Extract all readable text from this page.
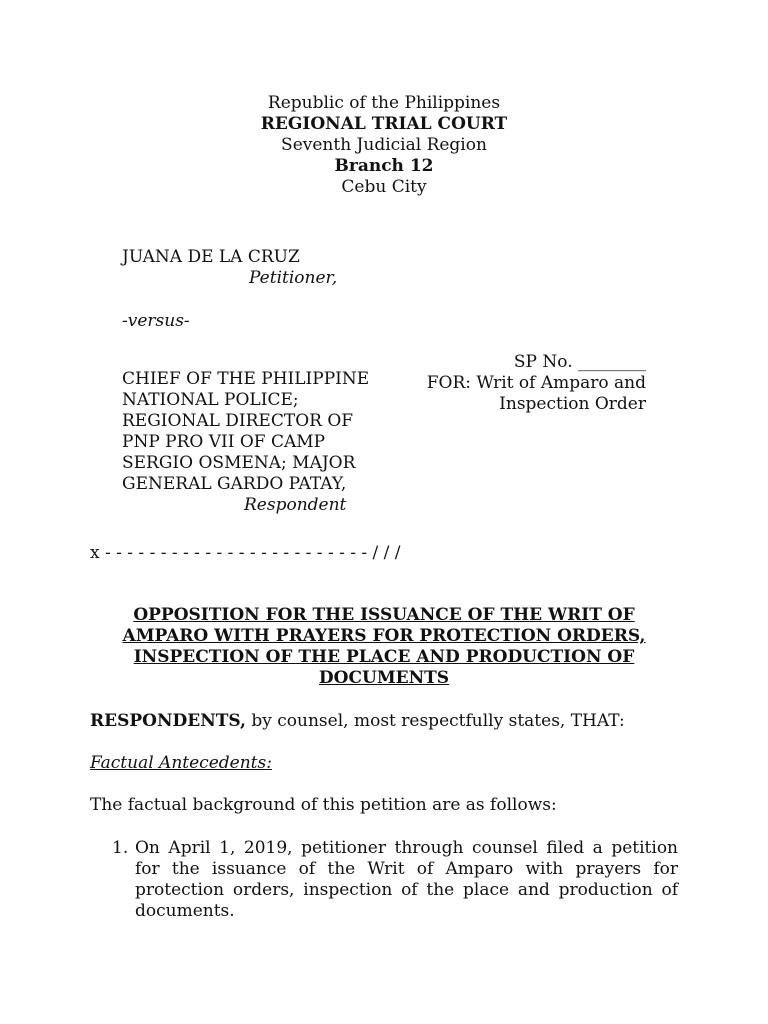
Republic of the Philippines
REGIONAL TRIAL COURT
Seventh Judicial Region
Branch 12
Cebu City
JUANA DE LA CRUZ
Petitioner,
-versus-
CHIEF OF THE PHILIPPINE
NATIONAL POLICE;
REGIONAL DIRECTOR OF
PNP PRO VII OF CAMP
SERGIO OSMENA; MAJOR
GENERAL GARDO PATAY,
Respondent
SP No. ________
FOR: Writ of Amparo and
Inspection Order
x - - - - - - - - - - - - - - - - - - - - - - - - / / /
OPPOSITION FOR THE ISSUANCE OF THE WRIT OF
AMPARO WITH PRAYERS FOR PROTECTION ORDERS,
INSPECTION OF THE PLACE AND PRODUCTION OF
DOCUMENTS
RESPONDENTS, by counsel, most respectfully states, THAT:
Factual Antecedents:
The factual background of this petition are as follows:
1. On April 1, 2019, petitioner through counsel filed a petition
for the issuance of the Writ of Amparo with prayers for
protection orders, inspection of the place and production of
documents.
